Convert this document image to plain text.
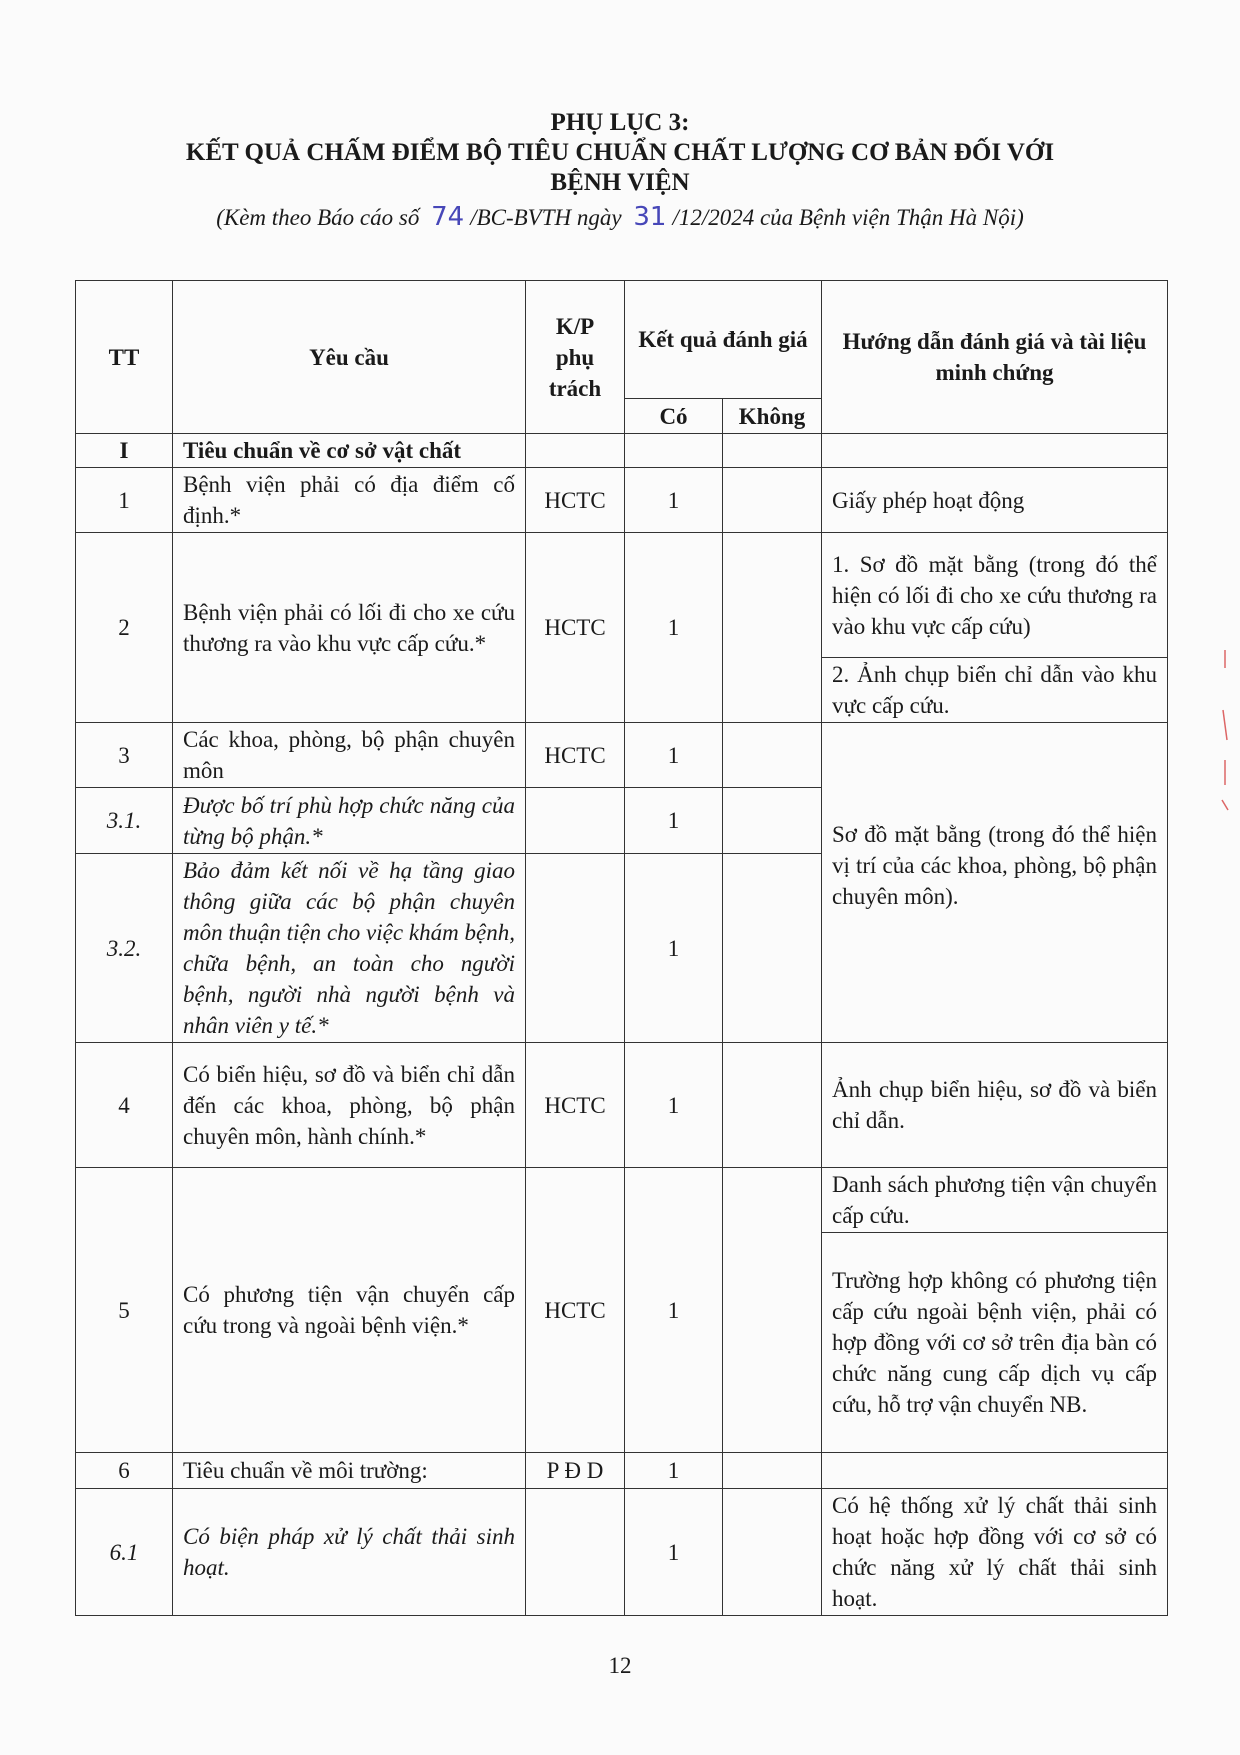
PHỤ LỤC 3:
KẾT QUẢ CHẤM ĐIỂM BỘ TIÊU CHUẨN CHẤT LƯỢNG CƠ BẢN ĐỐI VỚI
BỆNH VIỆN
(Kèm theo Báo cáo số 74 /BC-BVTH ngày 31 /12/2024 của Bệnh viện Thận Hà Nội)
TT	Yêu cầu	K/P phụ trách	Kết quả đánh giá		Hướng dẫn đánh giá và tài liệu minh chứng
			Có	Không	
I	Tiêu chuẩn về cơ sở vật chất				
1	Bệnh viện phải có địa điểm cố định.*	HCTC	1		Giấy phép hoạt động
2	Bệnh viện phải có lối đi cho xe cứu thương ra vào khu vực cấp cứu.*	HCTC	1		1. Sơ đồ mặt bằng (trong đó thể hiện có lối đi cho xe cứu thương ra vào khu vực cấp cứu)
					2. Ảnh chụp biển chỉ dẫn vào khu vực cấp cứu.
3	Các khoa, phòng, bộ phận chuyên môn	HCTC	1		Sơ đồ mặt bằng (trong đó thể hiện vị trí của các khoa, phòng, bộ phận chuyên môn).
3.1.	Được bố trí phù hợp chức năng của từng bộ phận.*		1		
3.2.	Bảo đảm kết nối về hạ tầng giao thông giữa các bộ phận chuyên môn thuận tiện cho việc khám bệnh, chữa bệnh, an toàn cho người bệnh, người nhà người bệnh và nhân viên y tế.*		1		
4	Có biển hiệu, sơ đồ và biển chỉ dẫn đến các khoa, phòng, bộ phận chuyên môn, hành chính.*	HCTC	1		Ảnh chụp biển hiệu, sơ đồ và biển chỉ dẫn.
5	Có phương tiện vận chuyển cấp cứu trong và ngoài bệnh viện.*	HCTC	1		Danh sách phương tiện vận chuyển cấp cứu.
					Trường hợp không có phương tiện cấp cứu ngoài bệnh viện, phải có hợp đồng với cơ sở trên địa bàn có chức năng cung cấp dịch vụ cấp cứu, hỗ trợ vận chuyển NB.
6	Tiêu chuẩn về môi trường:	P Đ D	1		
6.1	Có biện pháp xử lý chất thải sinh hoạt.		1		Có hệ thống xử lý chất thải sinh hoạt hoặc hợp đồng với cơ sở có chức năng xử lý chất thải sinh hoạt.
12
